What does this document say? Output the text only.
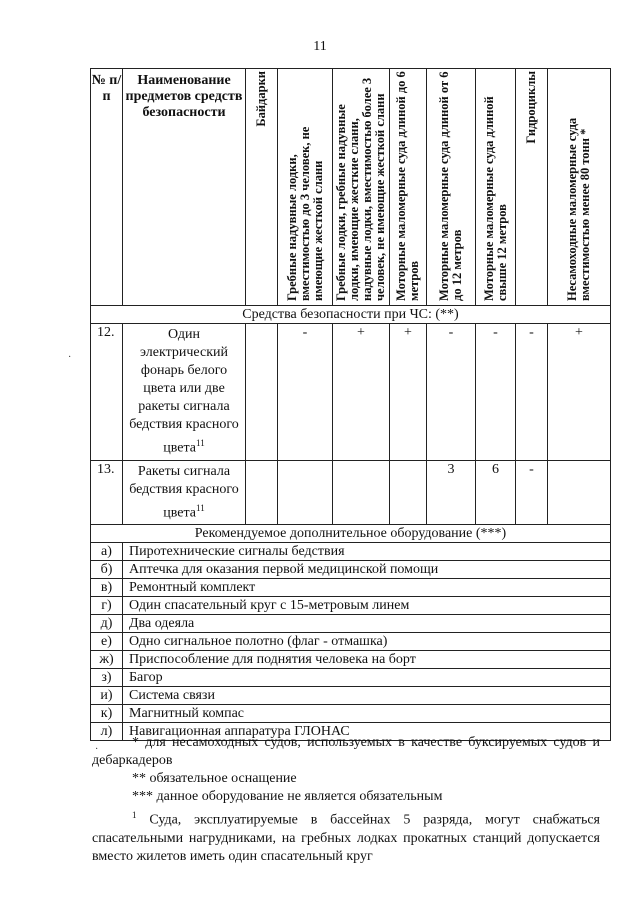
11
№ п/п	Наименование предметов средств безопасности	Байдарки	Гребные надувные лодки, вместимостью до 3 человек, не имеющие жесткой слани	Гребные лодки, гребные надувные лодки, имеющие жесткие слани, надувные лодки, вместимостью более 3 человек, не имеющие жесткой слани	Моторные маломерные суда длиной до 6 метров	Моторные маломерные суда длиной от 6 до 12 метров	Моторные маломерные суда длиной свыше 12 метров	Гидроциклы	Несамоходные маломерные суда вместимостью менее 80 тонн *

Средства безопасности при ЧС: (**)									
12.	Один электрический фонарь белого цвета или две ракеты сигнала бедствия красного цвета$^{11}$		-	+	+	-	-	-	+
13.	Ракеты сигнала бедствия красного цвета$^{11}$					3	6	-	
Рекомендуемое дополнительное оборудование (***)									
а)	Пиротехнические сигналы бедствия								
б)	Аптечка для оказания первой медицинской помощи								
в)	Ремонтный комплект								
г)	Один спасательный круг с 15-метровым линем								
д)	Два одеяла								
е)	Одно сигнальное полотно (флаг - отмашка)								
ж)	Приспособление для поднятия человека на борт								
з)	Багор								
и)	Система связи								
к)	Магнитный компас								
л)	Навигационная аппаратура ГЛОНАС								

* для несамоходных судов, используемых в качестве буксируемых судов и дебаркадеров

** обязательное оснащение

*** данное оборудование не является обязательным

$^1$ Суда, эксплуатируемые в бассейнах 5 разряда, могут снабжаться спасательными нагрудниками, на гребных лодках прокатных станций допускается вместо жилетов иметь один спасательный круг

·
·
